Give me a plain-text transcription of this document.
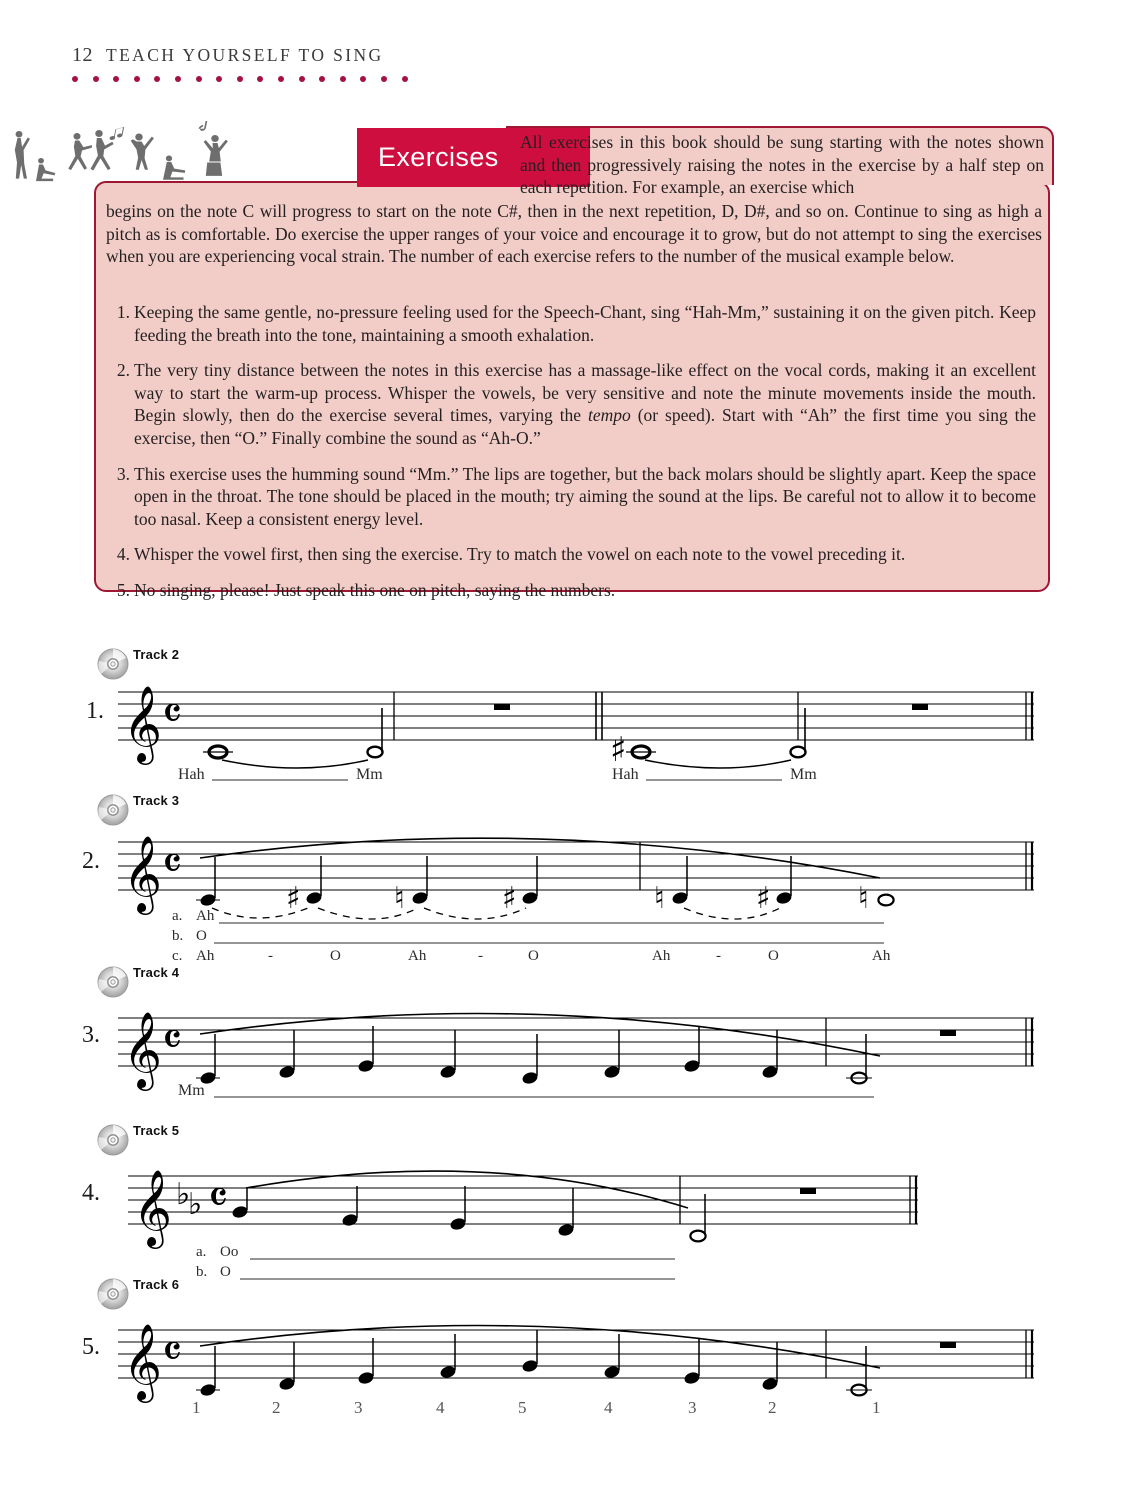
12 TEACH YOURSELF TO SING
Exercises All exercises in this book should be sung starting with the notes shown and then progressively raising the notes in the exercise by a half step on each repetition. For example, an exercise which
begins on the note C will progress to start on the note C#, then in the next repetition, D, D#, and so on. Continue to sing as high a pitch as is comfortable. Do exercise the upper ranges of your voice and encourage it to grow, but do not attempt to sing the exercises when you are experiencing vocal strain. The number of each exercise refers to the number of the musical example below.
1. Keeping the same gentle, no-pressure feeling used for the Speech-Chant, sing “Hah-Mm,” sustaining it on the given pitch. Keep feeding the breath into the tone, maintaining a smooth exhalation.
2. The very tiny distance between the notes in this exercise has a massage-like effect on the vocal cords, making it an excellent way to start the warm-up process. Whisper the vowels, be very sensitive and note the minute movements inside the mouth. Begin slowly, then do the exercise several times, varying the tempo (or speed). Start with “Ah” the first time you sing the exercise, then “O.” Finally combine the sound as “Ah-O.”
3. This exercise uses the humming sound “Mm.” The lips are together, but the back molars should be slightly apart. Keep the space open in the throat. The tone should be placed in the mouth; try aiming the sound at the lips. Be careful not to allow it to become too nasal. Keep a consistent energy level.
4. Whisper the vowel first, then sing the exercise. Try to match the vowel on each note to the vowel preceding it.
5. No singing, please! Just speak this one on pitch, saying the numbers.
Track 2
1. 𝄞 𝄴
♯
Hah	Mm	Hah	Mm
Track 3
2. 𝄞 𝄴
♯	♮	♯	♮	♯	♮
a. Ah
b. O
c. Ah	-	O	Ah	-	O	Ah	-	O	Ah
Track 4
3. 𝄞 𝄴
Mm
Track 5
4. 𝄞 ♭
♭ 𝄴
a. Oo
b. O
Track 6
5. 𝄞 𝄴
1	2	3	4	5	4	3	2	1
